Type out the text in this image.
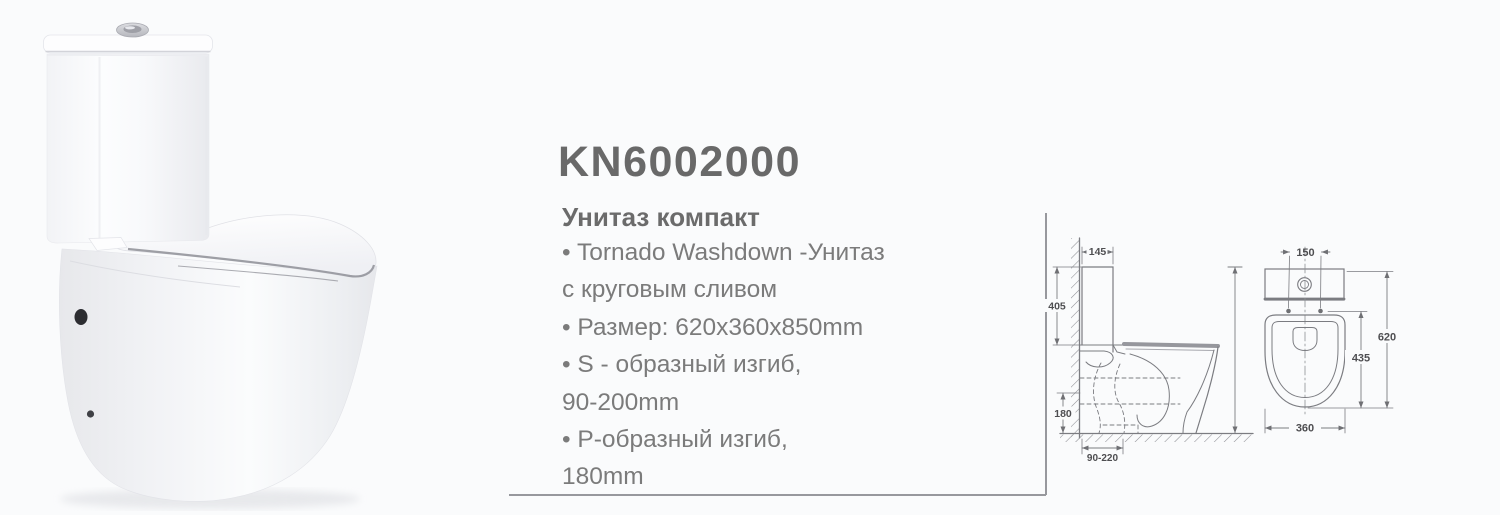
KN6002000
Унитаз компакт
• Tornado Washdown -Унитаз
с круговым сливом
• Размер: 620x360x850mm
• S - образный изгиб,
90-200mm
• P-образный изгиб,
180mm
145
405
180
90-220
150
435
620
360
